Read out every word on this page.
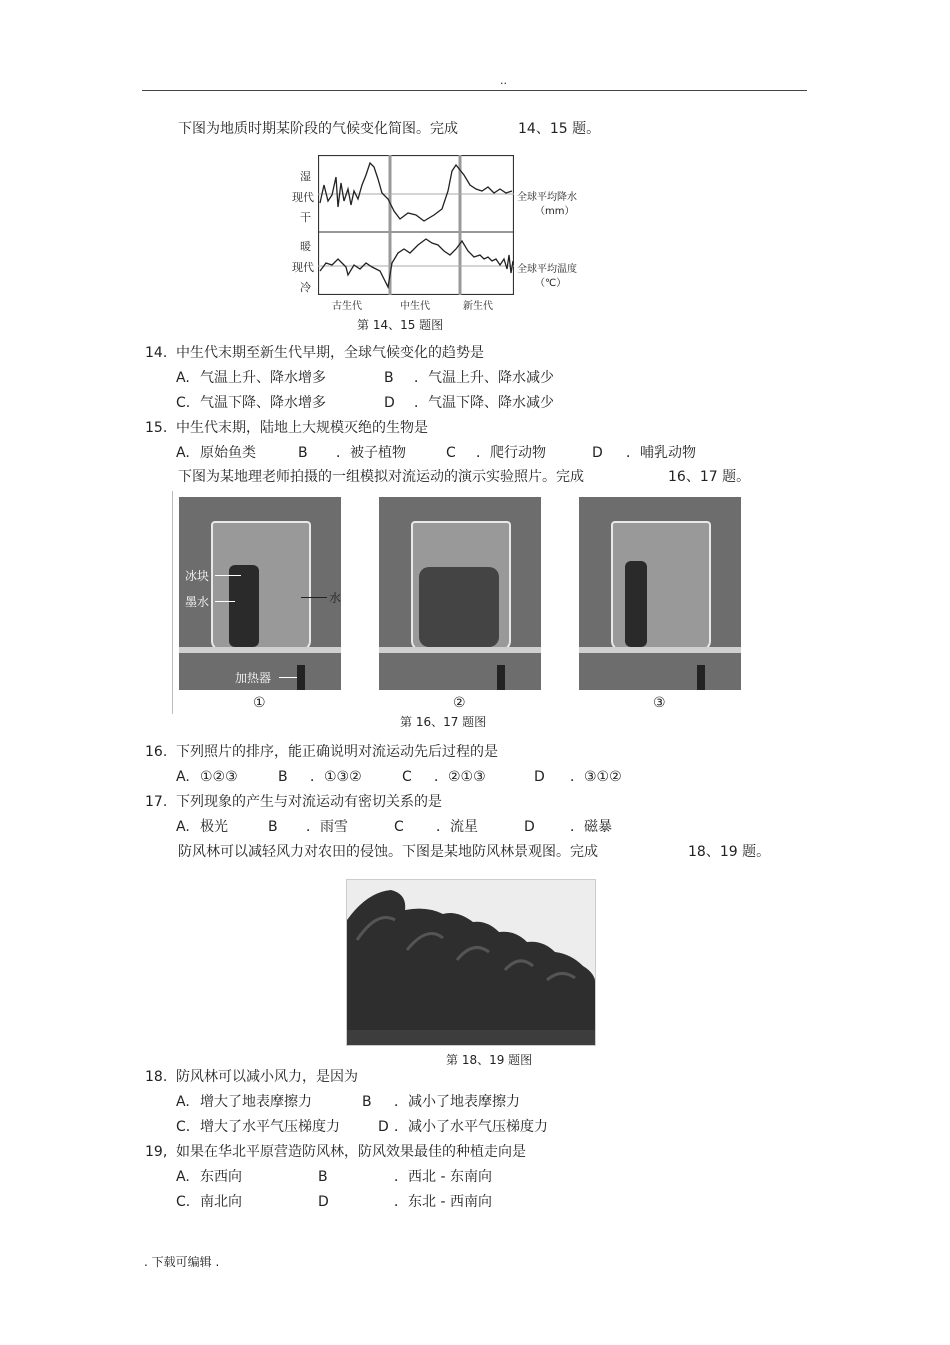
..
下图为地质时期某阶段的气候变化简图。完成	14、15 题。
湿
现代
干
暖
现代
冷
全球平均降水
（mm）
全球平均温度
（℃）
古生代	中生代	新生代
第 14、15 题图
14. 中生代末期至新生代早期，全球气候变化的趋势是
A. 气温上升、降水增多	B ．气温上升、降水减少
C. 气温下降、降水增多	D ．气温下降、降水减少
15. 中生代末期，陆地上大规模灭绝的生物是
A. 原始鱼类	B ．被子植物	C ．爬行动物	D ．哺乳动物
下图为某地理老师拍摄的一组模拟对流运动的演示实验照片。完成	16、17 题。
冰块
墨水	水
加热器
①	②	③
第 16、17 题图
16. 下列照片的排序，能正确说明对流运动先后过程的是
A. ①②③	B ．①③②	C ．②①③	D ．③①②
17. 下列现象的产生与对流运动有密切关系的是
A. 极光	B ．雨雪	C ．流星	D	．磁暴
防风林可以减轻风力对农田的侵蚀。下图是某地防风林景观图。完成	18、19 题。
第 18、19 题图
18. 防风林可以减小风力，是因为
A. 增大了地表摩擦力	B ．减小了地表摩擦力
C. 增大了水平气压梯度力	D ．减小了水平气压梯度力
19, 如果在华北平原营造防风林，防风效果最佳的种植走向是
A. 东西向	B	．西北 - 东南向
C. 南北向	D	．东北 - 西南向
. 下载可编辑 .
